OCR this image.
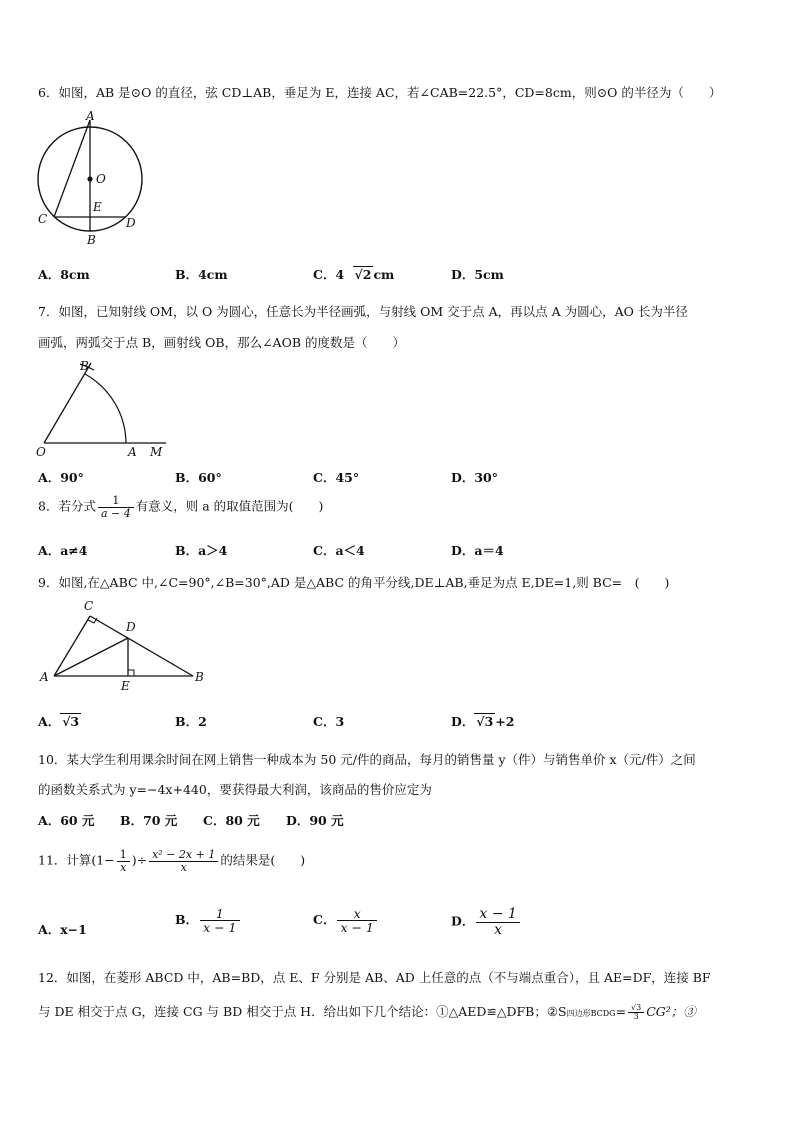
6．如图，AB 是⊙O 的直径，弦 CD⊥AB，垂足为 E，连接 AC，若∠CAB=22.5°，CD=8cm，则⊙O 的半径为（　　）
A
O
E
C	D
B
A．8cm	B．4cm	C．4 √2 cm	D．5cm
7．如图，已知射线 OM，以 O 为圆心，任意长为半径画弧，与射线 OM 交于点 A，再以点 A 为圆心，AO 长为半径
画弧，两弧交于点 B，画射线 OB，那么∠AOB 的度数是（　　）
B
O	A M
A．90°	B．60°	C．45°	D．30°
8．若分式 $\frac{1}{a - 4}$ 有意义，则 a 的取值范围为(　　)
A．a≠4	B．a＞4	C．a＜4	D．a＝4
9．如图,在△ABC 中,∠C=90°,∠B=30°,AD 是△ABC 的角平分线,DE⊥AB,垂足为点 E,DE=1,则 BC=　(　　)
C
D
A
E
B
A． √3	B．2	C．3	D． √3 +2
10．某大学生利用课余时间在网上销售一种成本为 50 元/件的商品，每月的销售量 y（件）与销售单价 x（元/件）之间
的函数关系式为 y=−4x+440，要获得最大利润，该商品的售价应定为
A．60 元 B．70 元 C．80 元 D．90 元
11．计算($1- \frac{1}{x}$ )÷ $\frac{\text{x² − 2x + 1}}{x}$ 的结果是(　　)
A．x−1
B． $\frac{1}{x - 1}$	C． $\frac{x}{x - 1}$	D． $\frac{x - 1}{x}$
12．如图，在菱形 ABCD 中，AB=BD，点 E、F 分别是 AB、AD 上任意的点（不与端点重合），且 AE=DF，连接 BF
与 DE 相交于点 G，连接 CG 与 BD 相交于点 H．给出如下几个结论：①△AED≌△DFB；②S四边形BCDG= $\frac{√3}{3} CG^2$；③
